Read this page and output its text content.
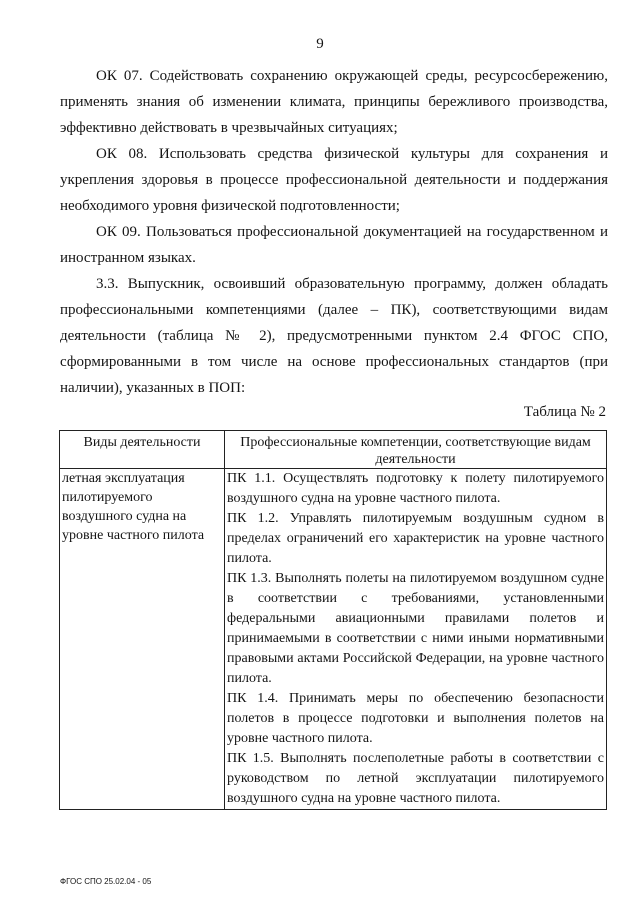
9

ОК 07. Содействовать сохранению окружающей среды, ресурсосбережению, применять знания об изменении климата, принципы бережливого производства, эффективно действовать в чрезвычайных ситуациях;

ОК 08. Использовать средства физической культуры для сохранения и укрепления здоровья в процессе профессиональной деятельности и поддержания необходимого уровня физической подготовленности;

ОК 09. Пользоваться профессиональной документацией на государственном и иностранном языках.

3.3. Выпускник, освоивший образовательную программу, должен обладать профессиональными компетенциями (далее – ПК), соответствующими видам деятельности (таблица № 2), предусмотренными пунктом 2.4 ФГОС СПО, сформированными в том числе на основе профессиональных стандартов (при наличии), указанных в ПОП:

Таблица № 2
Виды деятельности	Профессиональные компетенции, соответствующие видам деятельности
летная эксплуатация пилотируемого воздушного судна на уровне частного пилота	ПК 1.1. Осуществлять подготовку к полету пилотируемого воздушного судна на уровне частного пилота.

ПК 1.2. Управлять пилотируемым воздушным судном в пределах ограничений его характеристик на уровне частного пилота.

ПК 1.3. Выполнять полеты на пилотируемом воздушном судне в соответствии с требованиями, установленными федеральными авиационными правилами полетов и принимаемыми в соответствии с ними иными нормативными правовыми актами Российской Федерации, на уровне частного пилота.

ПК 1.4. Принимать меры по обеспечению безопасности полетов в процессе подготовки и выполнения полетов на уровне частного пилота.

ПК 1.5. Выполнять послеполетные работы в соответствии с руководством по летной эксплуатации пилотируемого воздушного судна на уровне частного пилота.

ФГОС СПО 25.02.04 - 05
